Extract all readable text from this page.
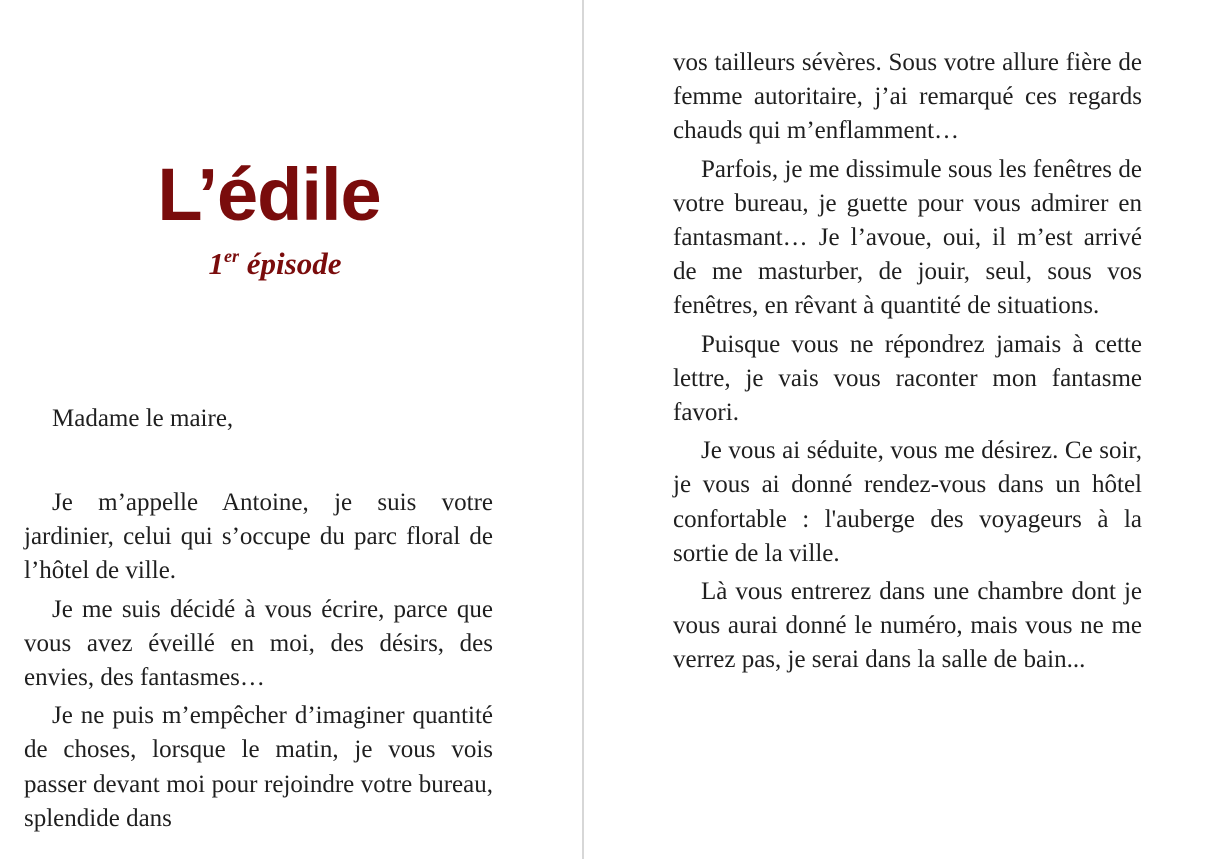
L’édile
1er épisode

Madame le maire,

Je m’appelle Antoine, je suis votre jardinier, celui qui s’occupe du parc floral de l’hôtel de ville.

Je me suis décidé à vous écrire, parce que vous avez éveillé en moi, des désirs, des envies, des fantasmes…

Je ne puis m’empêcher d’imaginer quantité de choses, lorsque le matin, je vous vois passer devant moi pour rejoindre votre bureau, splendide dans

vos tailleurs sévères. Sous votre allure fière de femme autoritaire, j’ai remarqué ces regards chauds qui m’enflamment…

Parfois, je me dissimule sous les fenêtres de votre bureau, je guette pour vous admirer en fantasmant… Je l’avoue, oui, il m’est arrivé de me masturber, de jouir, seul, sous vos fenêtres, en rêvant à quantité de situations.

Puisque vous ne répondrez jamais à cette lettre, je vais vous raconter mon fantasme favori.

Je vous ai séduite, vous me désirez. Ce soir, je vous ai donné rendez-vous dans un hôtel confortable : l'auberge des voyageurs à la sortie de la ville.

Là vous entrerez dans une chambre dont je vous aurai donné le numéro, mais vous ne me verrez pas, je serai dans la salle de bain...
